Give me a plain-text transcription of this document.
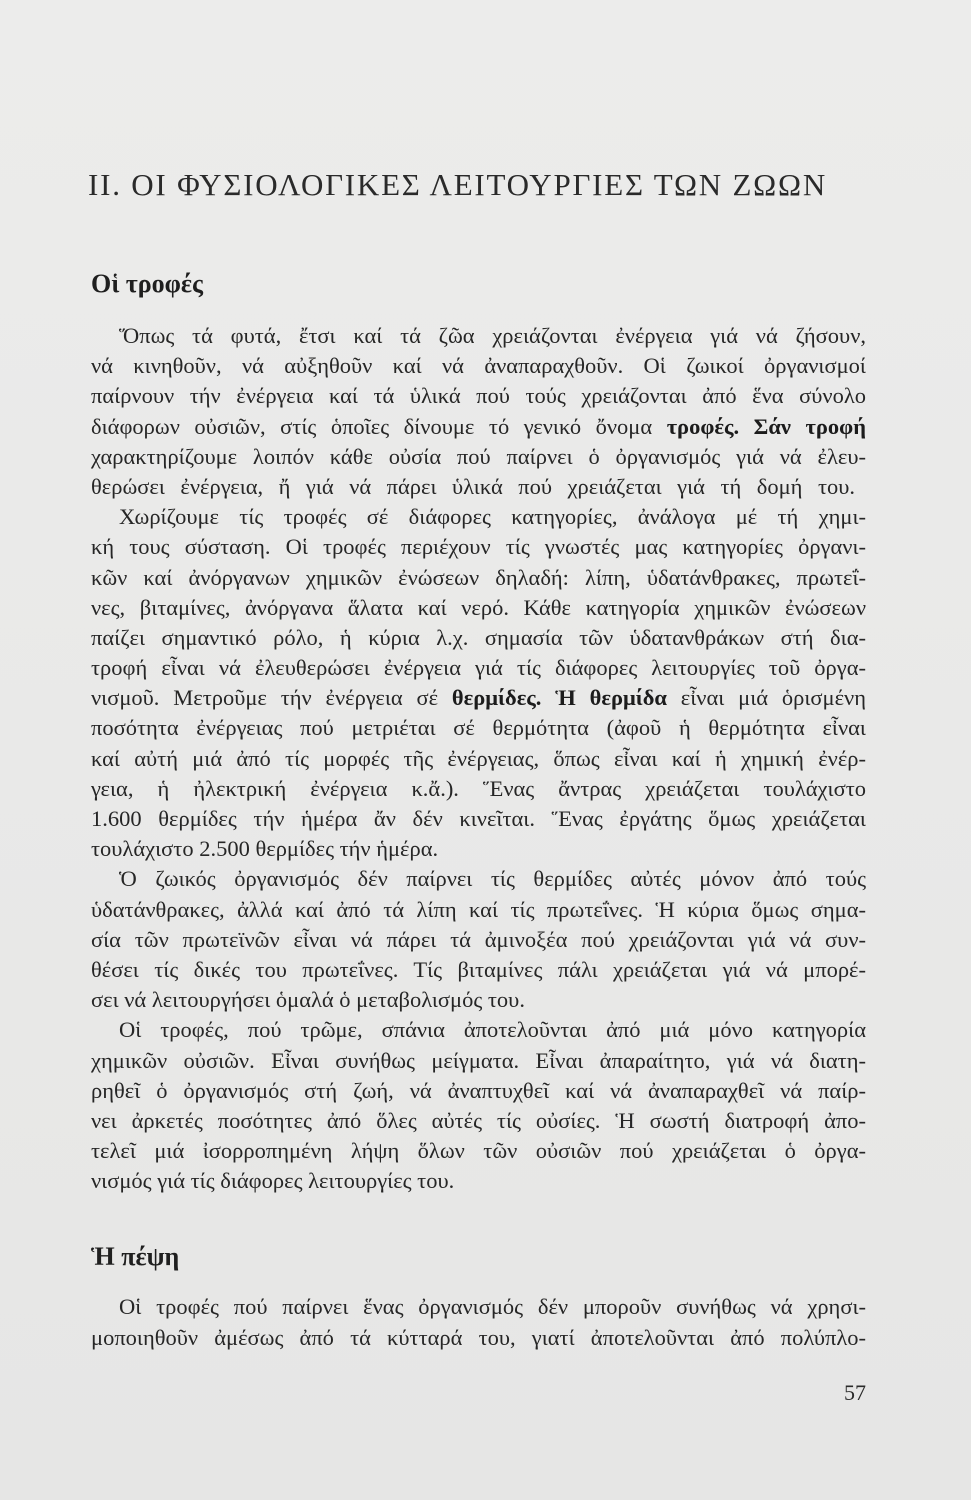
II. ΟΙ ΦΥΣΙΟΛΟΓΙΚΕΣ ΛΕΙΤΟΥΡΓΙΕΣ ΤΩΝ ΖΩΩΝ
Οἱ τροφές
Ὅπως τά φυτά, ἔτσι καί τά ζῶα χρειάζονται ἐνέργεια γιά νά ζήσουν,
νά κινηθοῦν, νά αὐξηθοῦν καί νά ἀναπαραχθοῦν. Οἱ ζωικοί ὀργανισμοί
παίρνουν τήν ἐνέργεια καί τά ὑλικά πού τούς χρειάζονται ἀπό ἕνα σύνολο
διάφορων οὐσιῶν, στίς ὁποῖες δίνουμε τό γενικό ὄνομα τροφές. Σάν τροφή
χαρακτηρίζουμε λοιπόν κάθε οὐσία πού παίρνει ὁ ὀργανισμός γιά νά ἐλευ-
θερώσει ἐνέργεια, ἤ γιά νά πάρει ὑλικά πού χρειάζεται γιά τή δομή του.
Χωρίζουμε τίς τροφές σέ διάφορες κατηγορίες, ἀνάλογα μέ τή χημι-
κή τους σύσταση. Οἱ τροφές περιέχουν τίς γνωστές μας κατηγορίες ὀργανι-
κῶν καί ἀνόργανων χημικῶν ἐνώσεων δηλαδή: λίπη, ὑδατάνθρακες, πρωτεΐ-
νες, βιταμίνες, ἀνόργανα ἅλατα καί νερό. Κάθε κατηγορία χημικῶν ἐνώσεων
παίζει σημαντικό ρόλο, ἡ κύρια λ.χ. σημασία τῶν ὑδατανθράκων στή δια-
τροφή εἶναι νά ἐλευθερώσει ἐνέργεια γιά τίς διάφορες λειτουργίες τοῦ ὀργα-
νισμοῦ. Μετροῦμε τήν ἐνέργεια σέ θερμίδες. Ἡ θερμίδα εἶναι μιά ὁρισμένη
ποσότητα ἐνέργειας πού μετριέται σέ θερμότητα (ἀφοῦ ἡ θερμότητα εἶναι
καί αὐτή μιά ἀπό τίς μορφές τῆς ἐνέργειας, ὅπως εἶναι καί ἡ χημική ἐνέρ-
γεια, ἡ ἠλεκτρική ἐνέργεια κ.ἄ.). Ἕνας ἄντρας χρειάζεται τουλάχιστο
1.600 θερμίδες τήν ἡμέρα ἄν δέν κινεῖται. Ἕνας ἐργάτης ὅμως χρειάζεται
τουλάχιστο 2.500 θερμίδες τήν ἡμέρα.
Ὁ ζωικός ὀργανισμός δέν παίρνει τίς θερμίδες αὐτές μόνον ἀπό τούς
ὑδατάνθρακες, ἀλλά καί ἀπό τά λίπη καί τίς πρωτεΐνες. Ἡ κύρια ὅμως σημα-
σία τῶν πρωτεϊνῶν εἶναι νά πάρει τά ἀμινοξέα πού χρειάζονται γιά νά συν-
θέσει τίς δικές του πρωτεΐνες. Τίς βιταμίνες πάλι χρειάζεται γιά νά μπορέ-
σει νά λειτουργήσει ὁμαλά ὁ μεταβολισμός του.
Οἱ τροφές, πού τρῶμε, σπάνια ἀποτελοῦνται ἀπό μιά μόνο κατηγορία
χημικῶν οὐσιῶν. Εἶναι συνήθως μείγματα. Εἶναι ἀπαραίτητο, γιά νά διατη-
ρηθεῖ ὁ ὀργανισμός στή ζωή, νά ἀναπτυχθεῖ καί νά ἀναπαραχθεῖ νά παίρ-
νει ἀρκετές ποσότητες ἀπό ὅλες αὐτές τίς οὐσίες. Ἡ σωστή διατροφή ἀπο-
τελεῖ μιά ἰσορροπημένη λήψη ὅλων τῶν οὐσιῶν πού χρειάζεται ὁ ὀργα-
νισμός γιά τίς διάφορες λειτουργίες του.
Ἡ πέψη
Οἱ τροφές πού παίρνει ἕνας ὀργανισμός δέν μποροῦν συνήθως νά χρησι-
μοποιηθοῦν ἀμέσως ἀπό τά κύτταρά του, γιατί ἀποτελοῦνται ἀπό πολύπλο-
57
